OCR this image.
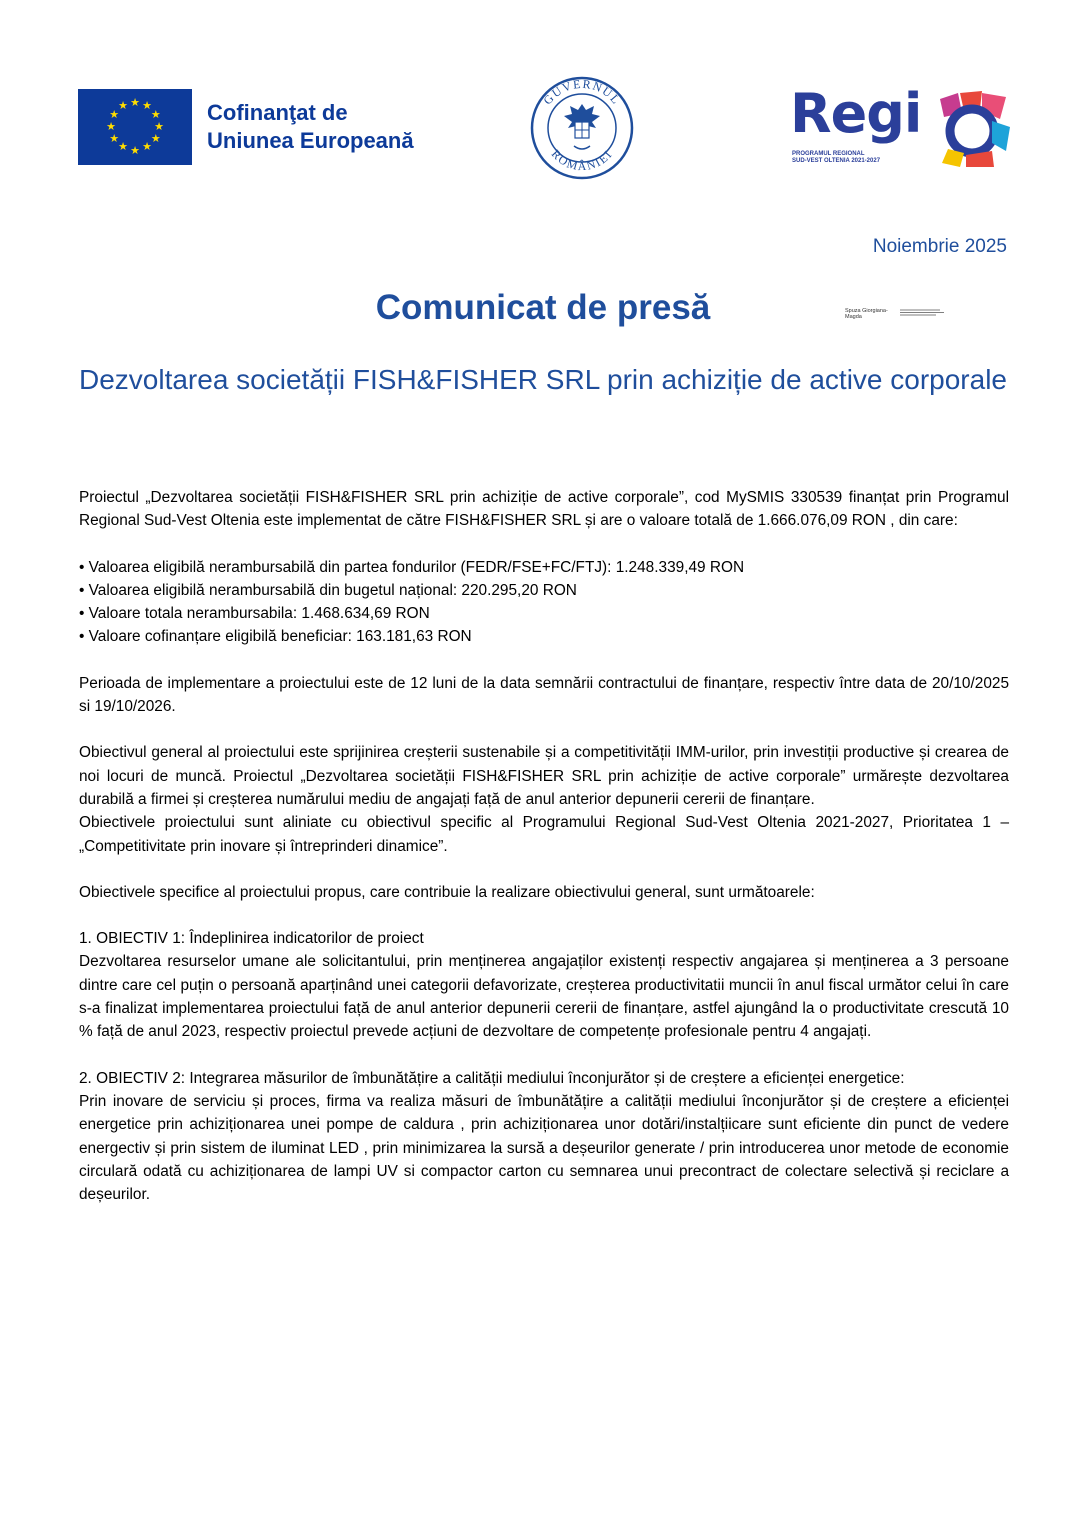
★ ★
★
★
★
★
★
★
★
★
★
★	Cofinanţat de
Uniunea Europeană
GUVERNUL
ROMÂNIEI
Regi
PROGRAMUL REGIONAL
SUD-VEST OLTENIA 2021-2027
Noiembrie 2025
Comunicat de presă	Spuza Giorgiana-
Magda
Dezvoltarea societății FISH&FISHER SRL prin achiziție de active corporale

Proiectul „Dezvoltarea societății FISH&FISHER SRL prin achiziție de active corporale”, cod MySMIS 330539 finanțat prin Programul Regional Sud-Vest Oltenia este implementat de către FISH&FISHER SRL și are o valoare totală de 1.666.076,09 RON , din care:

• Valoarea eligibilă nerambursabilă din partea fondurilor (FEDR/FSE+FC/FTJ): 1.248.339,49 RON
• Valoarea eligibilă nerambursabilă din bugetul național: 220.295,20 RON
• Valoare totala nerambursabila: 1.468.634,69 RON
• Valoare cofinanțare eligibilă beneficiar: 163.181,63 RON

Perioada de implementare a proiectului este de 12 luni de la data semnării contractului de finanțare, respectiv între data de 20/10/2025 si 19/10/2026.

Obiectivul general al proiectului este sprijinirea creșterii sustenabile și a competitivității IMM-urilor, prin investiții productive și crearea de noi locuri de muncă. Proiectul „Dezvoltarea societății FISH&FISHER SRL prin achiziție de active corporale” urmărește dezvoltarea durabilă a firmei și creșterea numărului mediu de angajați față de anul anterior depunerii cererii de finanțare.

Obiectivele proiectului sunt aliniate cu obiectivul specific al Programului Regional Sud-Vest Oltenia 2021-2027, Prioritatea 1 – „Competitivitate prin inovare și întreprinderi dinamice”.

Obiectivele specifice al proiectului propus, care contribuie la realizare obiectivului general, sunt următoarele:

1. OBIECTIV 1: Îndeplinirea indicatorilor de proiect

Dezvoltarea resurselor umane ale solicitantului, prin menținerea angajaților existenți respectiv angajarea și menținerea a 3 persoane dintre care cel puțin o persoană aparținând unei categorii defavorizate, creșterea productivitatii muncii în anul fiscal următor celui în care s-a finalizat implementarea proiectului față de anul anterior depunerii cererii de finanțare, astfel ajungând la o productivitate crescută 10 % față de anul 2023, respectiv proiectul prevede acțiuni de dezvoltare de competențe profesionale pentru 4 angajați.

2. OBIECTIV 2: Integrarea măsurilor de îmbunătățire a calității mediului înconjurător și de creștere a eficienței energetice:

Prin inovare de serviciu și proces, firma va realiza măsuri de îmbunătățire a calității mediului înconjurător și de creștere a eficienței energetice prin achiziționarea unei pompe de caldura , prin achiziționarea unor dotări/instalțiicare sunt eficiente din punct de vedere energectiv și prin sistem de iluminat LED , prin minimizarea la sursă a deșeurilor generate / prin introducerea unor metode de economie circulară odată cu achiziționarea de lampi UV si compactor carton cu semnarea unui precontract de colectare selectivă și reciclare a deșeurilor.
